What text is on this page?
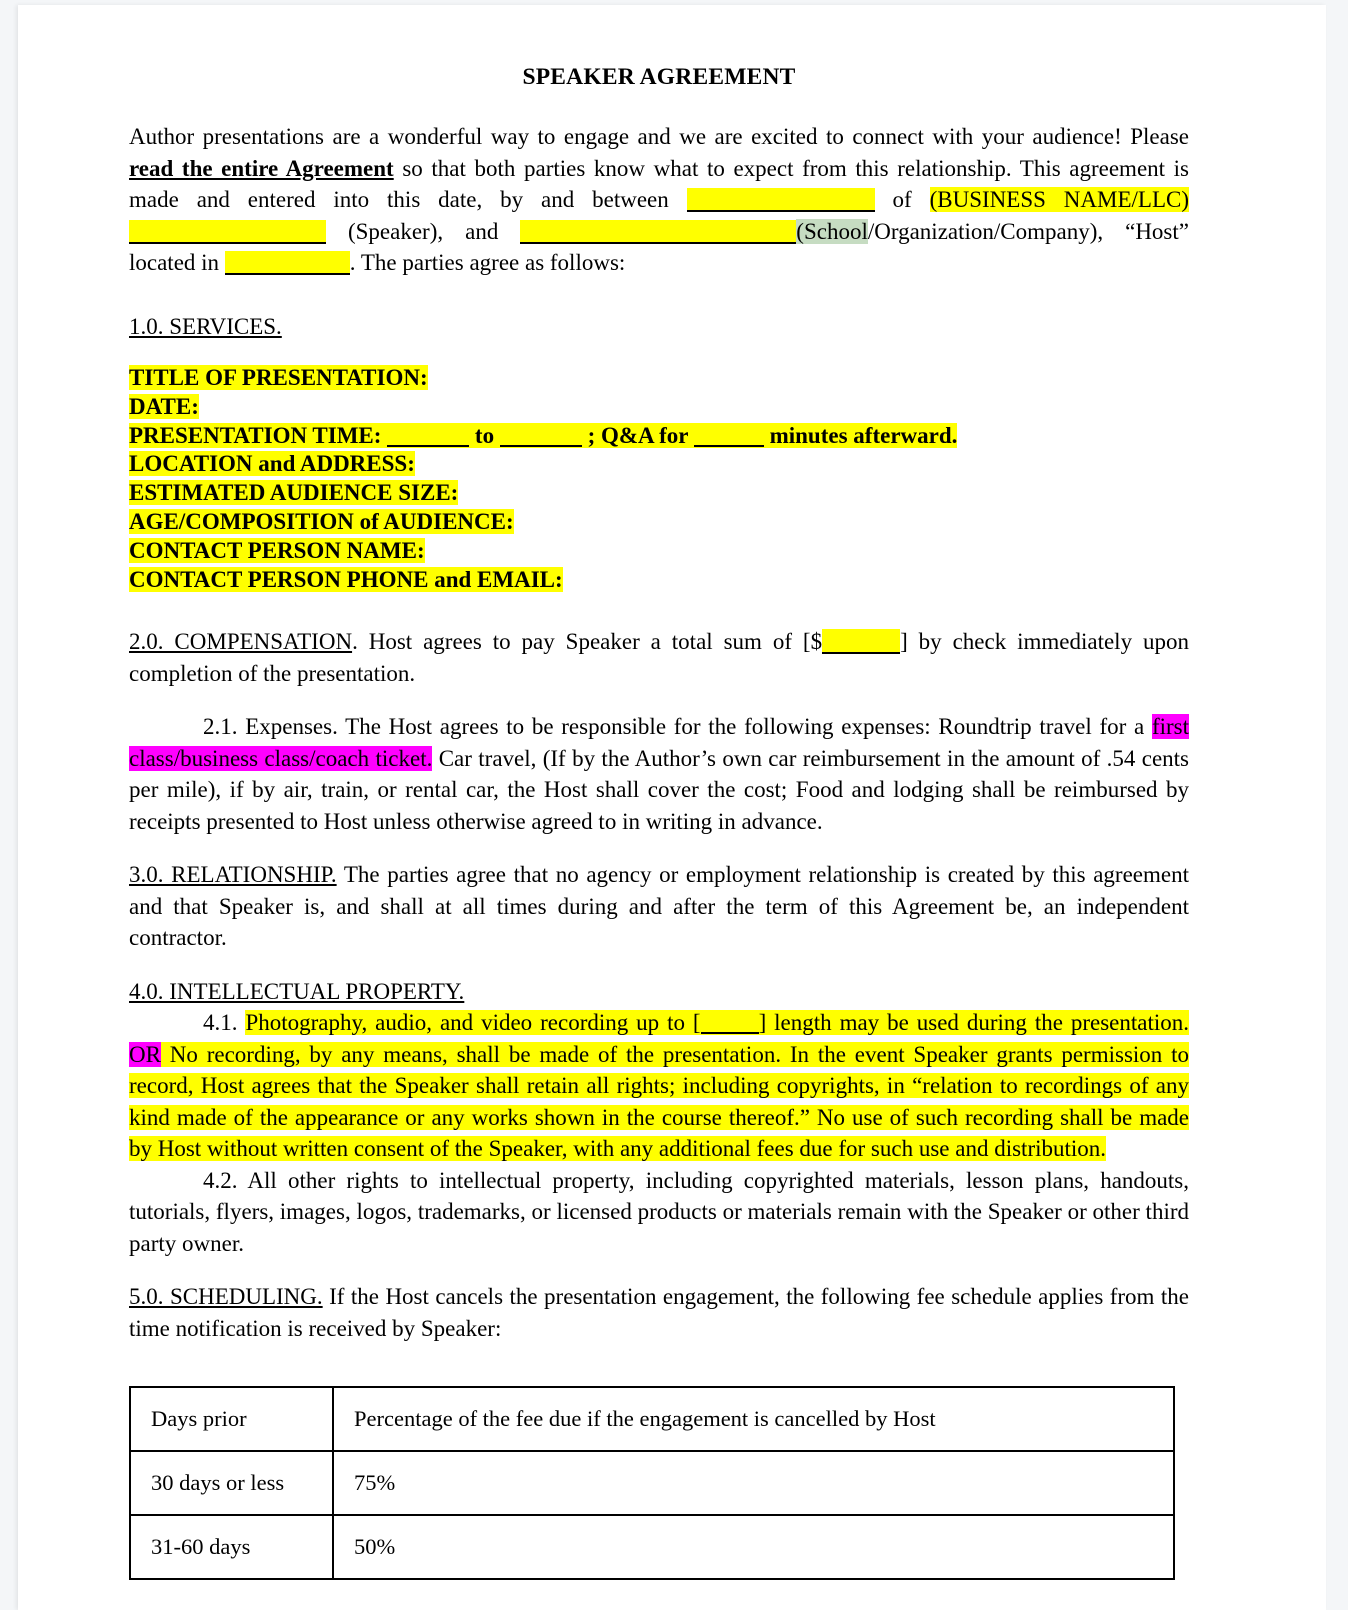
SPEAKER AGREEMENT

Author presentations are a wonderful way to engage and we are excited to connect with your audience! Please read the entire Agreement so that both parties know what to expect from this relationship. This agreement is made and entered into this date, by and between	of (BUSINESS NAME/LLC)  (Speaker), and	(School/Organization/Company), “Host” located in	. The parties agree as follows:

1.0. SERVICES.

TITLE OF PRESENTATION:
DATE:
PRESENTATION TIME:	to	; Q&A for	minutes afterward.
LOCATION and ADDRESS:
ESTIMATED AUDIENCE SIZE:
AGE/COMPOSITION of AUDIENCE:
CONTACT PERSON NAME:
CONTACT PERSON PHONE and EMAIL:

2.0. COMPENSATION. Host agrees to pay Speaker a total sum of [$	] by check immediately upon completion of the presentation.

2.1. Expenses. The Host agrees to be responsible for the following expenses: Roundtrip travel for a first class/business class/coach ticket. Car travel, (If by the Author’s own car reimbursement in the amount of .54 cents per mile), if by air, train, or rental car, the Host shall cover the cost; Food and lodging shall be reimbursed by receipts presented to Host unless otherwise agreed to in writing in advance.

3.0. RELATIONSHIP. The parties agree that no agency or employment relationship is created by this agreement and that Speaker is, and shall at all times during and after the term of this Agreement be, an independent contractor.

4.0. INTELLECTUAL PROPERTY.

4.1. Photography, audio, and video recording up to [	] length may be used during the presentation. OR No recording, by any means, shall be made of the presentation. In the event Speaker grants permission to record, Host agrees that the Speaker shall retain all rights; including copyrights, in “relation to recordings of any kind made of the appearance or any works shown in the course thereof.” No use of such recording shall be made by Host without written consent of the Speaker, with any additional fees due for such use and distribution.

4.2. All other rights to intellectual property, including copyrighted materials, lesson plans, handouts, tutorials, flyers, images, logos, trademarks, or licensed products or materials remain with the Speaker or other third party owner.

5.0. SCHEDULING. If the Host cancels the presentation engagement, the following fee schedule applies from the time notification is received by Speaker:

Days prior	Percentage of the fee due if the engagement is cancelled by Host
30 days or less	75%
31-60 days	50%
